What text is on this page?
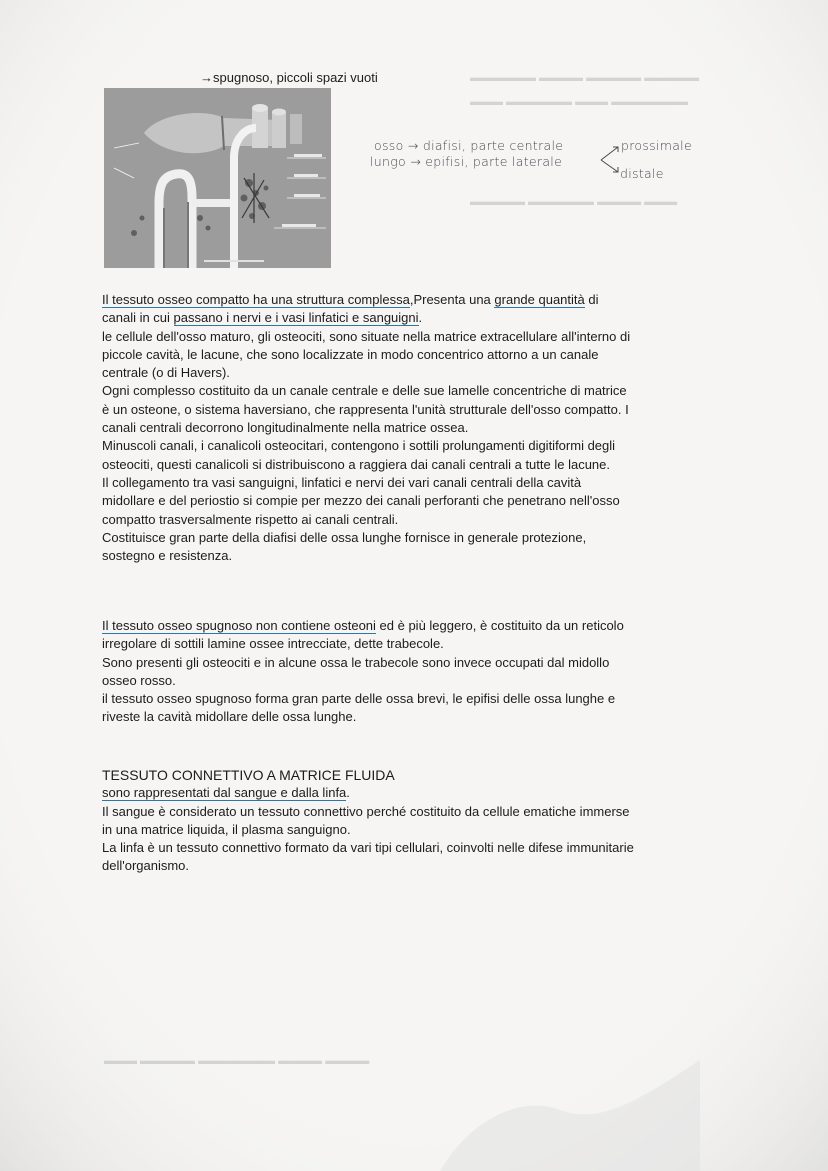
▬▬▬▬▬▬ ▬▬▬▬ ▬▬▬▬▬ ▬▬▬▬▬
▬▬▬ ▬▬▬▬▬▬ ▬▬▬ ▬▬▬▬▬▬▬
▬▬▬▬▬ ▬▬▬▬▬▬ ▬▬▬▬ ▬▬▬
▬▬▬ ▬▬▬▬▬ ▬▬▬▬▬▬▬ ▬▬▬▬ ▬▬▬▬
→spugnoso, piccoli spazi vuoti
osso → diafisi, parte centrale
lungo → epifisi, parte laterale
prossimale
distale
Il tessuto osseo compatto ha una struttura complessa,Presenta una grande quantità di
canali in cui passano i nervi e i vasi linfatici e sanguigni.
le cellule dell'osso maturo, gli osteociti, sono situate nella matrice extracellulare all'interno di
piccole cavità, le lacune, che sono localizzate in modo concentrico attorno a un canale
centrale (o di Havers).
Ogni complesso costituito da un canale centrale e delle sue lamelle concentriche di matrice
è un osteone, o sistema haversiano, che rappresenta l'unità strutturale dell'osso compatto. I
canali centrali decorrono longitudinalmente nella matrice ossea.
Minuscoli canali, i canalicoli osteocitari, contengono i sottili prolungamenti digitiformi degli
osteociti, questi canalicoli si distribuiscono a raggiera dai canali centrali a tutte le lacune.
Il collegamento tra vasi sanguigni, linfatici e nervi dei vari canali centrali della cavità
midollare e del periostio si compie per mezzo dei canali perforanti che penetrano nell'osso
compatto trasversalmente rispetto ai canali centrali.
Costituisce gran parte della diafisi delle ossa lunghe fornisce in generale protezione,
sostegno e resistenza.
Il tessuto osseo spugnoso non contiene osteoni ed è più leggero, è costituito da un reticolo
irregolare di sottili lamine ossee intrecciate, dette trabecole.
Sono presenti gli osteociti e in alcune ossa le trabecole sono invece occupati dal midollo
osseo rosso.
il tessuto osseo spugnoso forma gran parte delle ossa brevi, le epifisi delle ossa lunghe e
riveste la cavità midollare delle ossa lunghe.
TESSUTO CONNETTIVO A MATRICE FLUIDA
sono rappresentati dal sangue e dalla linfa.
Il sangue è considerato un tessuto connettivo perché costituito da cellule ematiche immerse
in una matrice liquida, il plasma sanguigno.
La linfa è un tessuto connettivo formato da vari tipi cellulari, coinvolti nelle difese immunitarie
dell'organismo.
